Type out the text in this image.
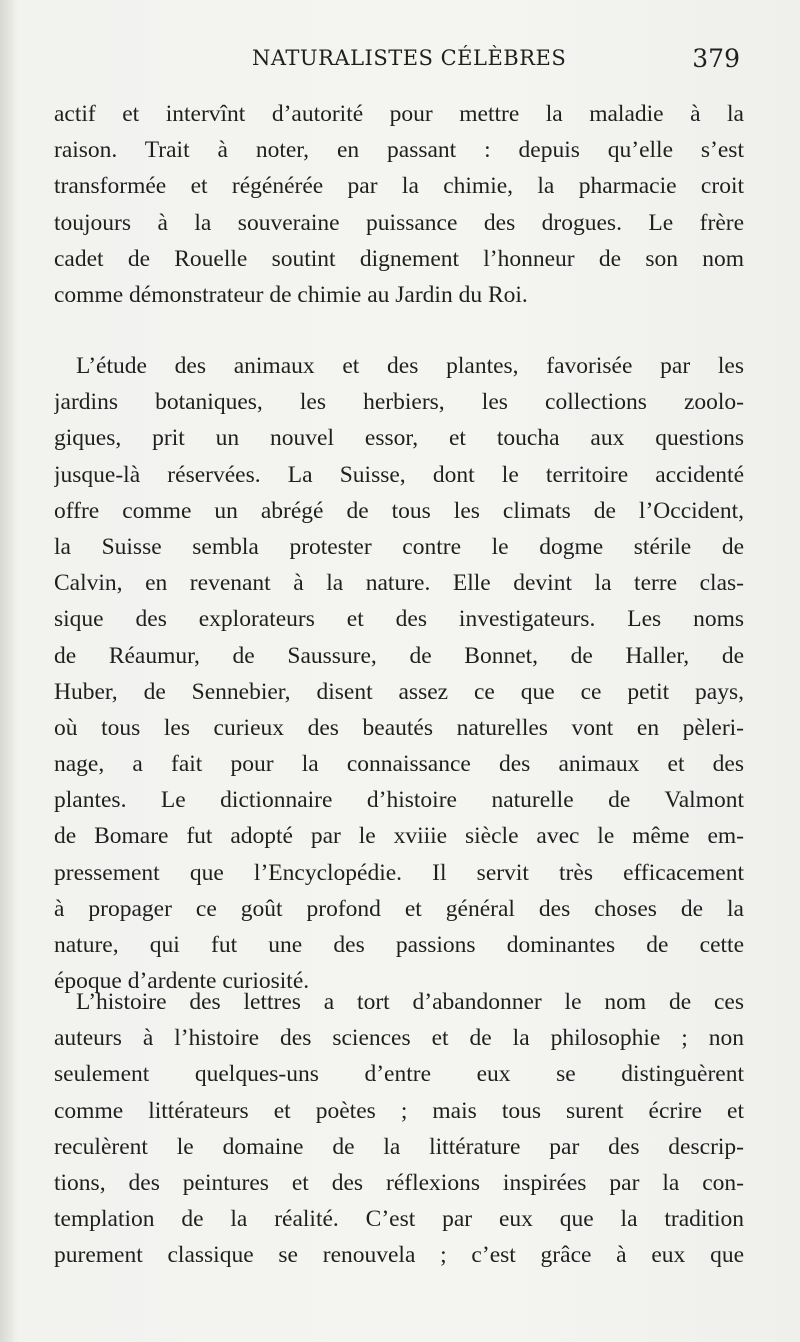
NATURALISTES CÉLÈBRES	379
actif et intervînt d’autorité pour mettre la maladie à la
raison. Trait à noter, en passant : depuis qu’elle s’est
transformée et régénérée par la chimie, la pharmacie croit
toujours à la souveraine puissance des drogues. Le frère
cadet de Rouelle soutint dignement l’honneur de son nom
comme démonstrateur de chimie au Jardin du Roi.
L’étude des animaux et des plantes, favorisée par les
jardins botaniques, les herbiers, les collections zoolo-
giques, prit un nouvel essor, et toucha aux questions
jusque-là réservées. La Suisse, dont le territoire accidenté
offre comme un abrégé de tous les climats de l’Occident,
la Suisse sembla protester contre le dogme stérile de
Calvin, en revenant à la nature. Elle devint la terre clas-
sique des explorateurs et des investigateurs. Les noms
de Réaumur, de Saussure, de Bonnet, de Haller, de
Huber, de Sennebier, disent assez ce que ce petit pays,
où tous les curieux des beautés naturelles vont en pèleri-
nage, a fait pour la connaissance des animaux et des
plantes. Le dictionnaire d’histoire naturelle de Valmont
de Bomare fut adopté par le xviiie siècle avec le même em-
pressement que l’Encyclopédie. Il servit très efficacement
à propager ce goût profond et général des choses de la
nature, qui fut une des passions dominantes de cette
époque d’ardente curiosité.
L’histoire des lettres a tort d’abandonner le nom de ces
auteurs à l’histoire des sciences et de la philosophie ; non
seulement quelques-uns d’entre eux se distinguèrent
comme littérateurs et poètes ; mais tous surent écrire et
reculèrent le domaine de la littérature par des descrip-
tions, des peintures et des réflexions inspirées par la con-
templation de la réalité. C’est par eux que la tradition
purement classique se renouvela ; c’est grâce à eux que
